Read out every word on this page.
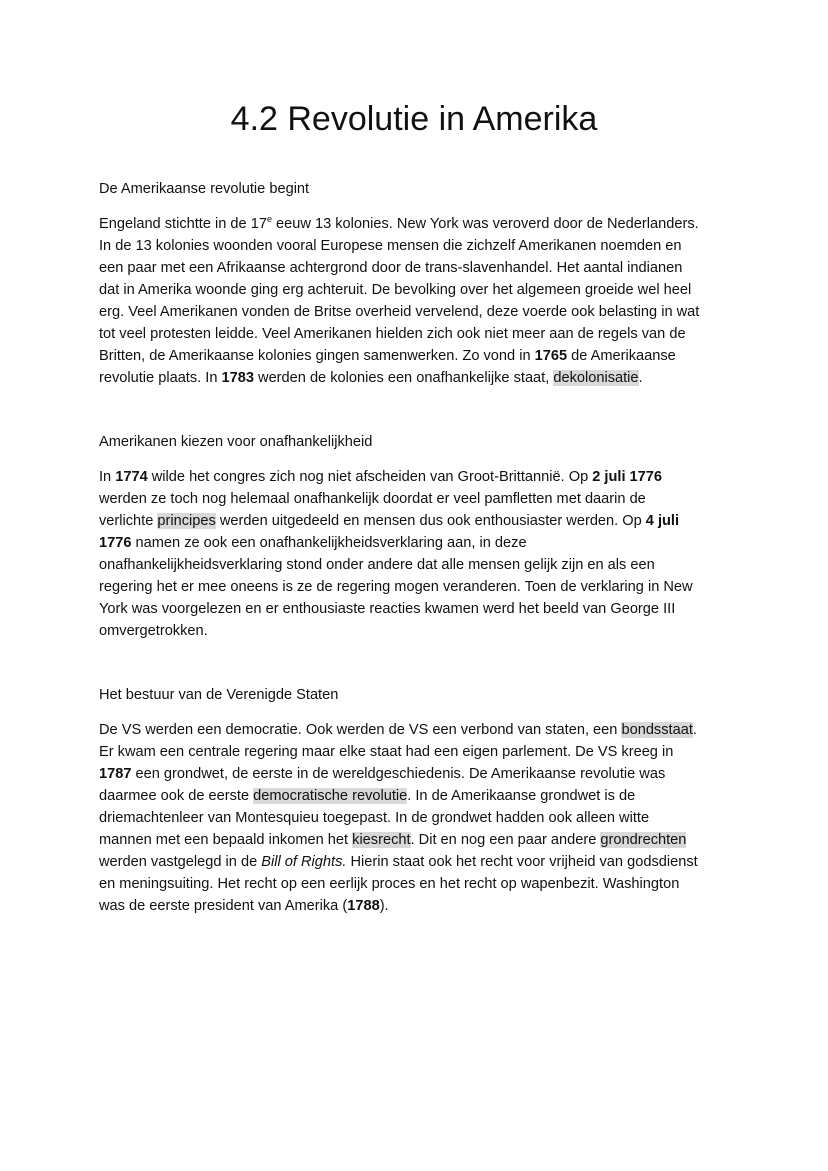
4.2 Revolutie in Amerika
De Amerikaanse revolutie begint
Engeland stichtte in de 17e eeuw 13 kolonies. New York was veroverd door de Nederlanders.
In de 13 kolonies woonden vooral Europese mensen die zichzelf Amerikanen noemden en
een paar met een Afrikaanse achtergrond door de trans-slavenhandel. Het aantal indianen
dat in Amerika woonde ging erg achteruit. De bevolking over het algemeen groeide wel heel
erg. Veel Amerikanen vonden de Britse overheid vervelend, deze voerde ook belasting in wat
tot veel protesten leidde. Veel Amerikanen hielden zich ook niet meer aan de regels van de
Britten, de Amerikaanse kolonies gingen samenwerken. Zo vond in 1765 de Amerikaanse
revolutie plaats. In 1783 werden de kolonies een onafhankelijke staat, dekolonisatie.
Amerikanen kiezen voor onafhankelijkheid
In 1774 wilde het congres zich nog niet afscheiden van Groot-Brittannië. Op 2 juli 1776
werden ze toch nog helemaal onafhankelijk doordat er veel pamfletten met daarin de
verlichte principes werden uitgedeeld en mensen dus ook enthousiaster werden. Op 4 juli
1776 namen ze ook een onafhankelijkheidsverklaring aan, in deze
onafhankelijkheidsverklaring stond onder andere dat alle mensen gelijk zijn en als een
regering het er mee oneens is ze de regering mogen veranderen. Toen de verklaring in New
York was voorgelezen en er enthousiaste reacties kwamen werd het beeld van George III
omvergetrokken.
Het bestuur van de Verenigde Staten
De VS werden een democratie. Ook werden de VS een verbond van staten, een bondsstaat.
Er kwam een centrale regering maar elke staat had een eigen parlement. De VS kreeg in
1787 een grondwet, de eerste in de wereldgeschiedenis. De Amerikaanse revolutie was
daarmee ook de eerste democratische revolutie. In de Amerikaanse grondwet is de
driemachtenleer van Montesquieu toegepast. In de grondwet hadden ook alleen witte
mannen met een bepaald inkomen het kiesrecht. Dit en nog een paar andere grondrechten
werden vastgelegd in de Bill of Rights. Hierin staat ook het recht voor vrijheid van godsdienst
en meningsuiting. Het recht op een eerlijk proces en het recht op wapenbezit. Washington
was de eerste president van Amerika (1788).
